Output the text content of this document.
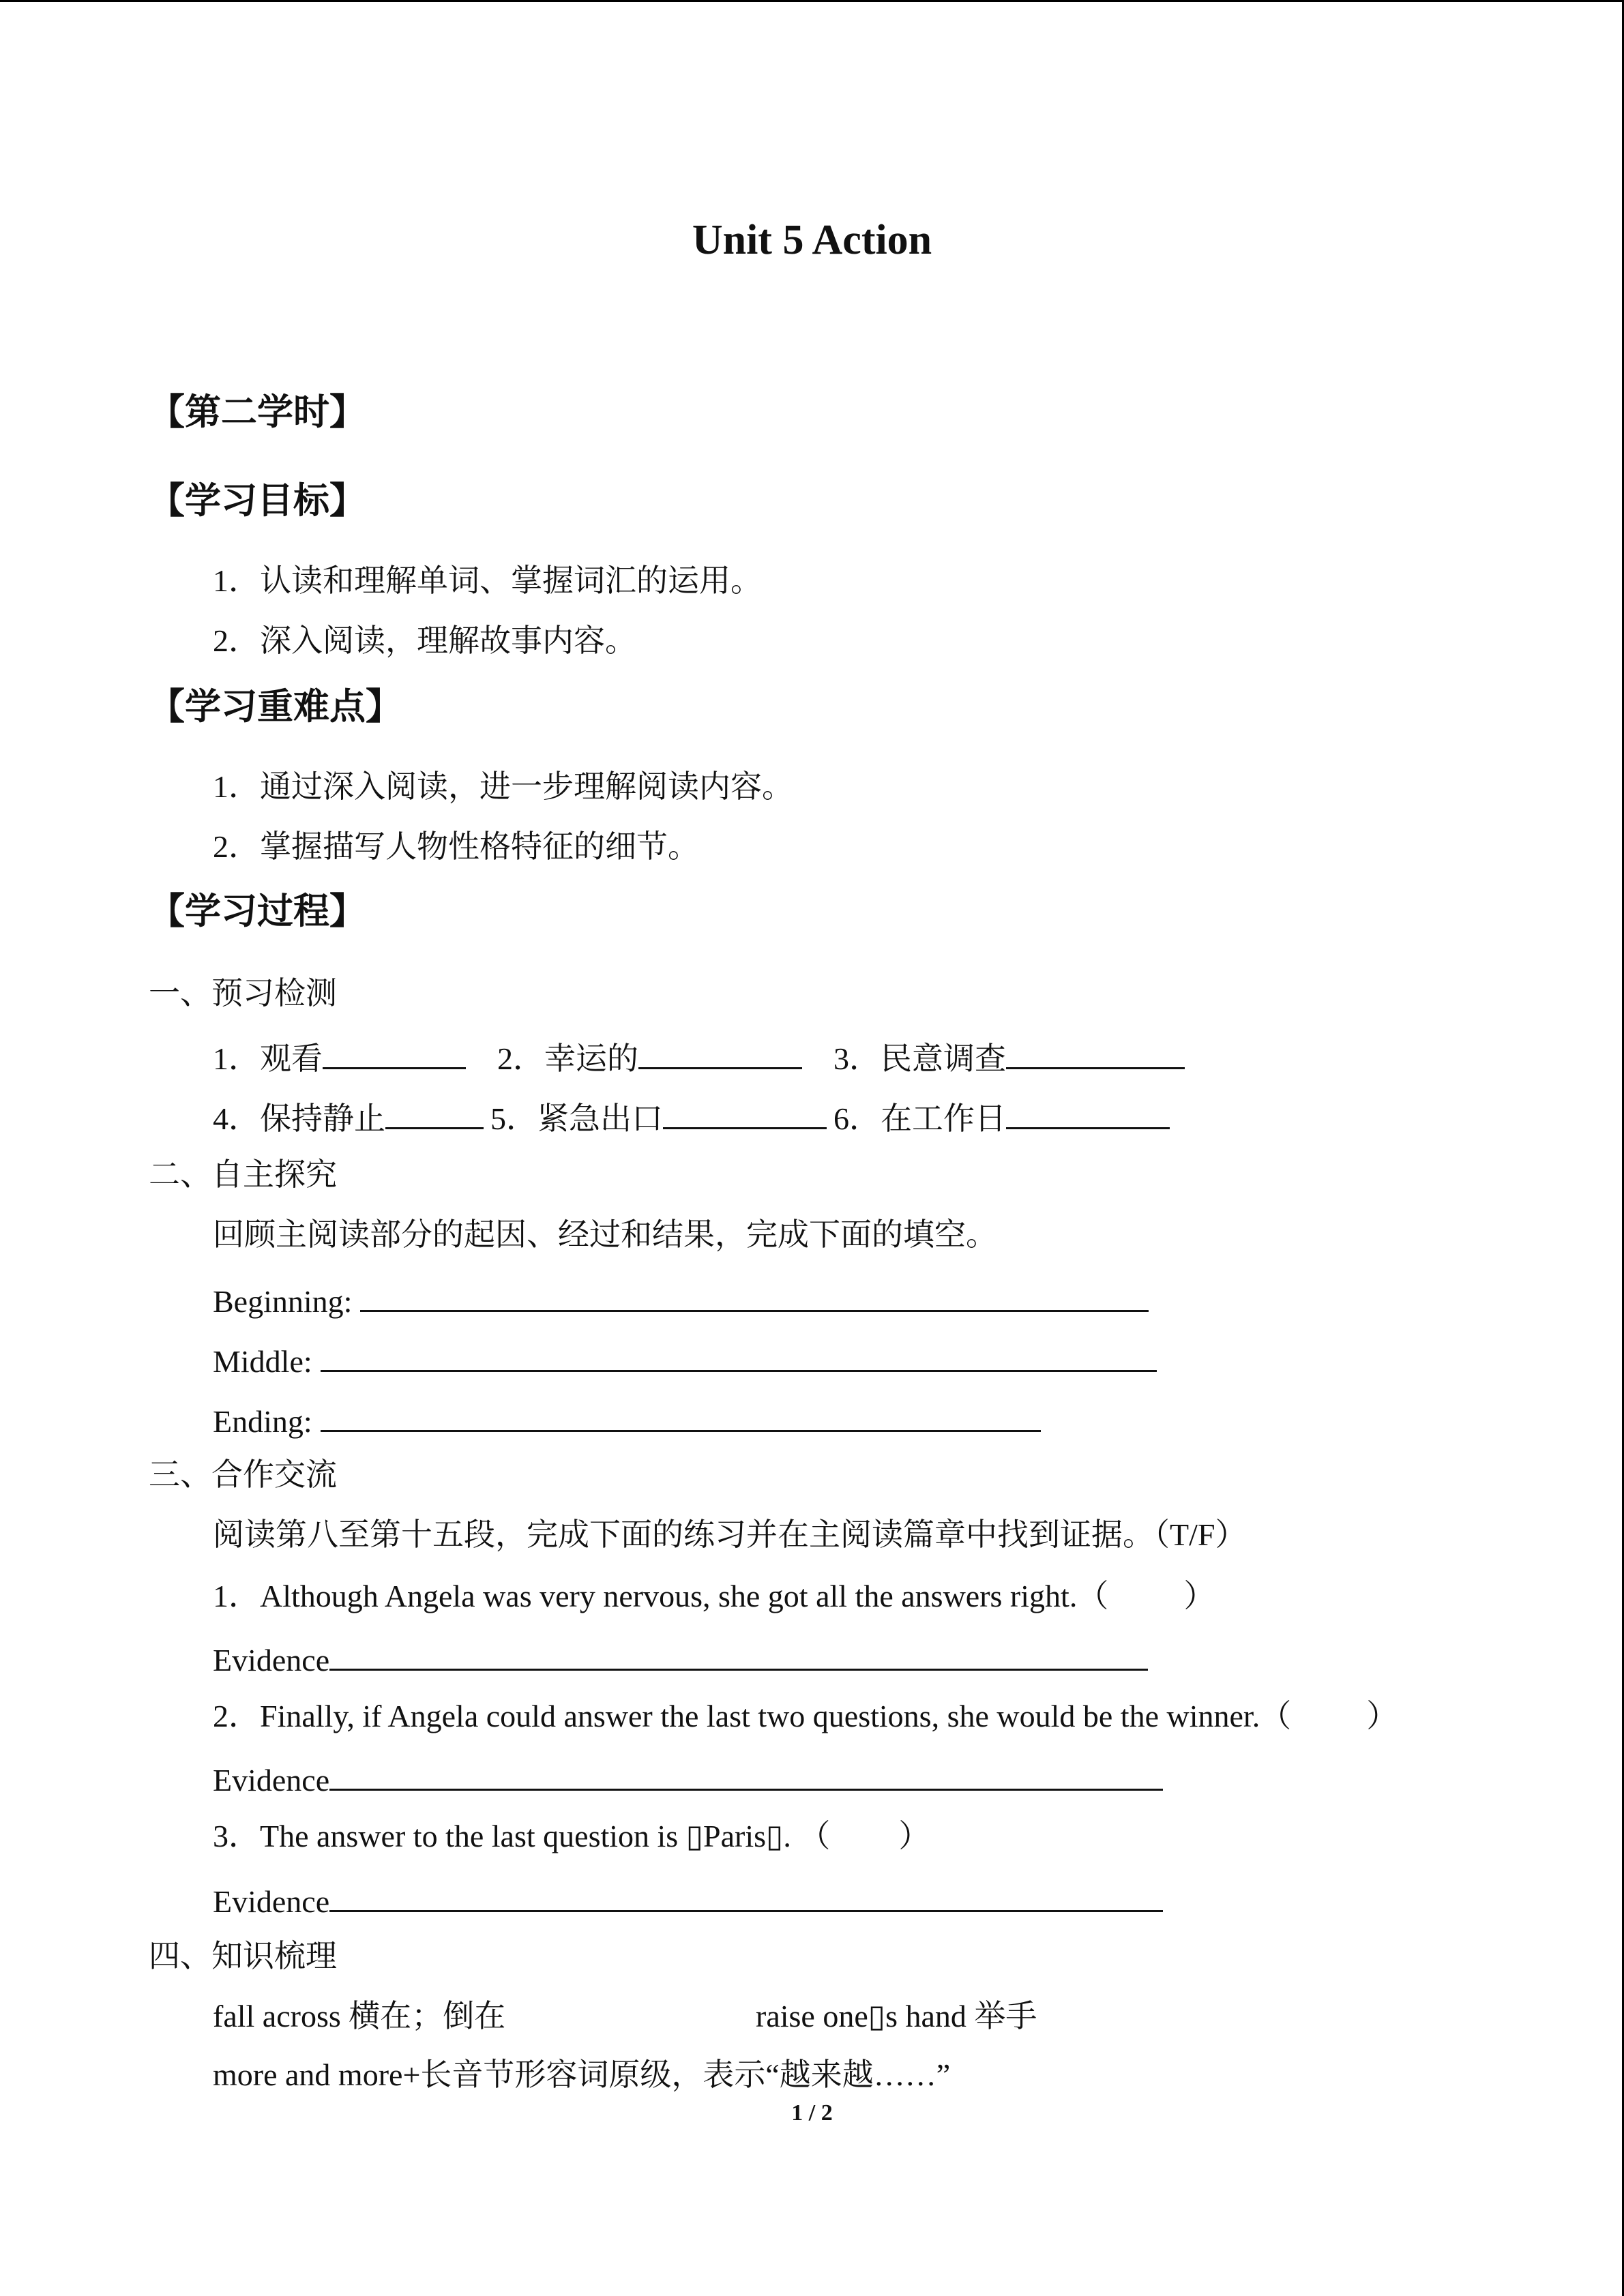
Unit 5 Action
【第二学时】
【学习目标】
1．认读和理解单词、掌握词汇的运用。
2．深入阅读，理解故事内容。
【学习重难点】
1．通过深入阅读，进一步理解阅读内容。
2．掌握描写人物性格特征的细节。
【学习过程】
一、预习检测
1．观看	2．幸运的	3．民意调查
4．保持静止	5．紧急出口	6．在工作日
二、自主探究
回顾主阅读部分的起因、经过和结果，完成下面的填空。
Beginning:
Middle:
Ending:
三、合作交流
阅读第八至第十五段，完成下面的练习并在主阅读篇章中找到证据。（T/F）
1．Although Angela was very nervous, she got all the answers right.（ ）
Evidence
2．Finally, if Angela could answer the last two questions, she would be the winner.（ ）
Evidence
3．The answer to the last question is ▯Paris▯. （ ）
Evidence
四、知识梳理
fall across 横在；倒在	raise one▯s hand 举手
more and more+长音节形容词原级，表示“越来越……”
1 / 2
